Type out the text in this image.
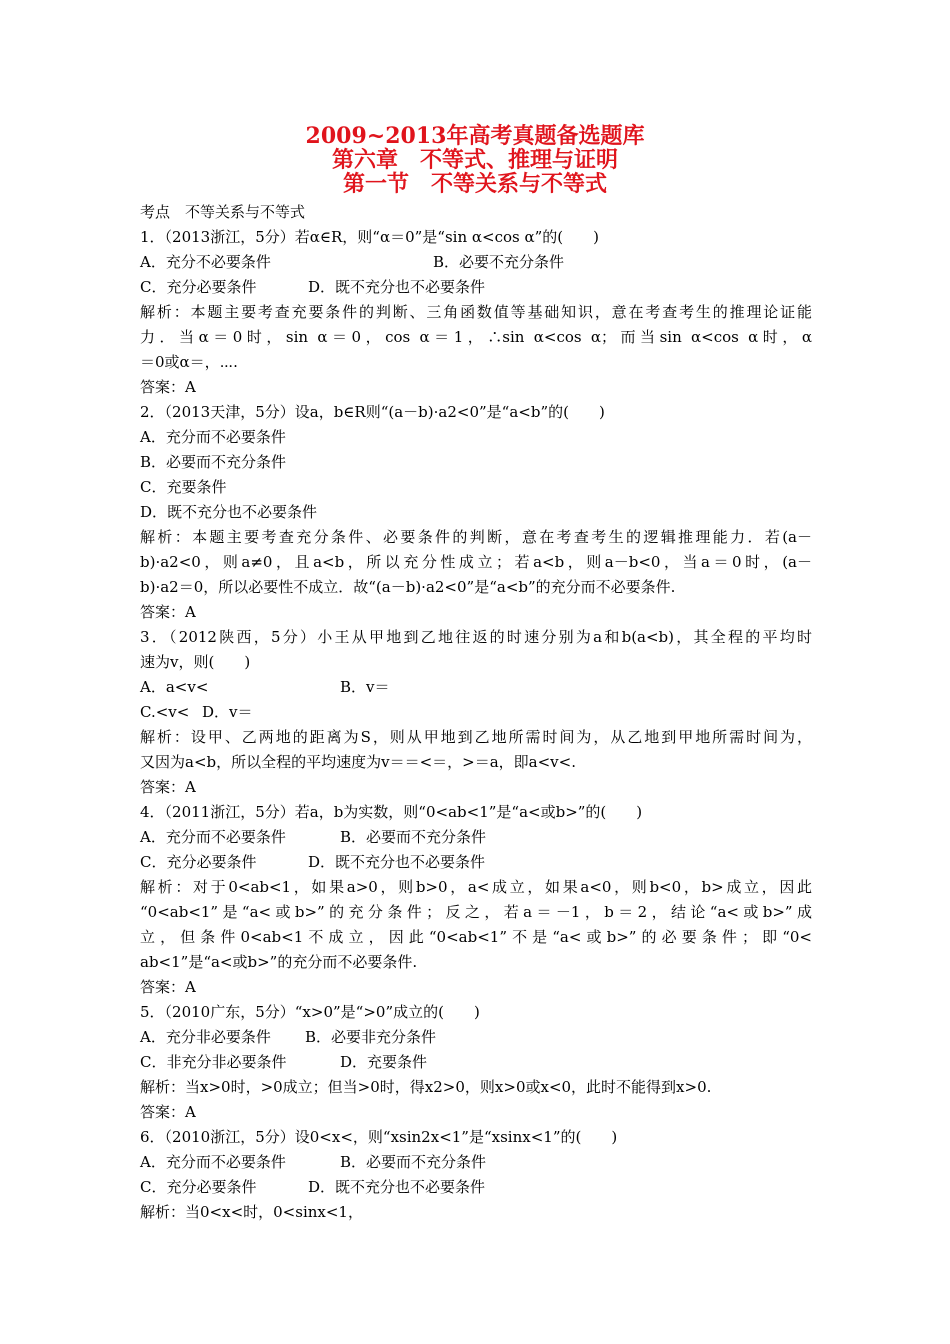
2009~2013年高考真题备选题库
第六章　不等式、推理与证明
第一节　不等关系与不等式
考点　不等关系与不等式
1．（2013浙江，5分）若α∈R，则“α＝0”是“sin α<cos α”的(　　)
A．充分不必要条件	B．必要不充分条件
C．充分必要条件	D．既不充分也不必要条件
解析：本题主要考查充要条件的判断、三角函数值等基础知识，意在考查考生的推理论证能
力．当α＝0时，sin α＝0，cos α＝1，∴sin α<cos α；而当sin α<cos α时，α
＝0或α＝，⋯.
答案：A
2．（2013天津，5分）设a，b∈R则“(a－b)·a2<0”是“a<b”的(　　)
A．充分而不必要条件
B．必要而不充分条件
C．充要条件
D．既不充分也不必要条件
解析：本题主要考查充分条件、必要条件的判断，意在考查考生的逻辑推理能力．若(a－
b)·a2<0，则a≠0，且a<b，所以充分性成立；若a<b，则a－b<0，当a＝0时，(a－
b)·a2＝0，所以必要性不成立．故“(a－b)·a2<0”是“a<b”的充分而不必要条件.
答案：A
3．（2012陕西，5分）小王从甲地到乙地往返的时速分别为a和b(a<b)，其全程的平均时
速为v，则(　　)
A．a<v<	B．v＝
C.<v< D．v＝
解析：设甲、乙两地的距离为S，则从甲地到乙地所需时间为，从乙地到甲地所需时间为，
又因为a<b，所以全程的平均速度为v＝＝<＝，>＝a，即a<v<.
答案：A
4．（2011浙江，5分）若a，b为实数，则“0<ab<1”是“a<或b>”的(　　)
A．充分而不必要条件	B．必要而不充分条件
C．充分必要条件	D．既不充分也不必要条件
解析：对于0<ab<1，如果a>0，则b>0，a<成立，如果a<0，则b<0，b>成立，因此
“0<ab<1”是“a<或b>”的充分条件；反之，若a＝－1，b＝2，结论“a<或b>”成
立，但条件0<ab<1不成立，因此“0<ab<1”不是“a<或b>”的必要条件；即“0<
ab<1”是“a<或b>”的充分而不必要条件.
答案：A
5．（2010广东，5分）“x>0”是“>0”成立的(　　)
A．充分非必要条件 B．必要非充分条件
C．非充分非必要条件	D．充要条件
解析：当x>0时，>0成立；但当>0时，得x2>0，则x>0或x<0，此时不能得到x>0.
答案：A
6．（2010浙江，5分）设0<x<，则“xsin2x<1”是“xsinx<1”的(　　)
A．充分而不必要条件	B．必要而不充分条件
C．充分必要条件	D．既不充分也不必要条件
解析：当0<x<时，0<sinx<1，
